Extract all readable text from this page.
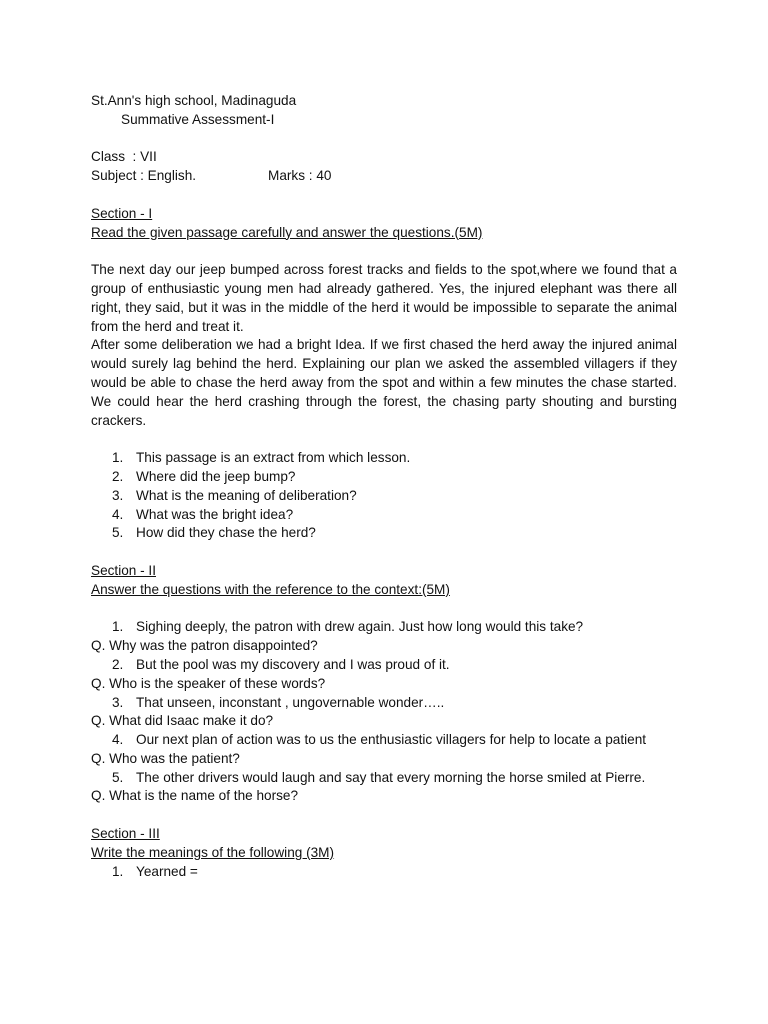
St.Ann's high school, Madinaguda
Summative Assessment-I
Class  : VII
Subject : English.	Marks : 40
Section - I
Read the given passage carefully and answer the questions.(5M)

The next day our jeep bumped across forest tracks and fields to the spot,where we found that a group of enthusiastic young men had already gathered. Yes, the injured elephant was there all right, they said, but it was in the middle of the herd it would be impossible to separate the animal from the herd and treat it.

After some deliberation we had a bright Idea. If we first chased the herd away the injured animal would surely lag behind the herd. Explaining our plan we asked the assembled villagers if they would be able to chase the herd away from the spot and within a few minutes the chase started. We could hear the herd crashing through the forest, the chasing party shouting and bursting crackers.

1. This passage is an extract from which lesson.
2. Where did the jeep bump?
3. What is the meaning of deliberation?
4. What was the bright idea?
5. How did they chase the herd?
Section - II
Answer the questions with the reference to the context:(5M)
1. Sighing deeply, the patron with drew again. Just how long would this take?
Q. Why was the patron disappointed?
2. But the pool was my discovery and I was proud of it.
Q. Who is the speaker of these words?
3. That unseen, inconstant , ungovernable wonder…..
Q. What did Isaac make it do?
4. Our next plan of action was to us the enthusiastic villagers for help to locate a patient
Q. Who was the patient?
5. The other drivers would laugh and say that every morning the horse smiled at Pierre.
Q. What is the name of the horse?
Section - III
Write the meanings of the following (3M)
1. Yearned =
